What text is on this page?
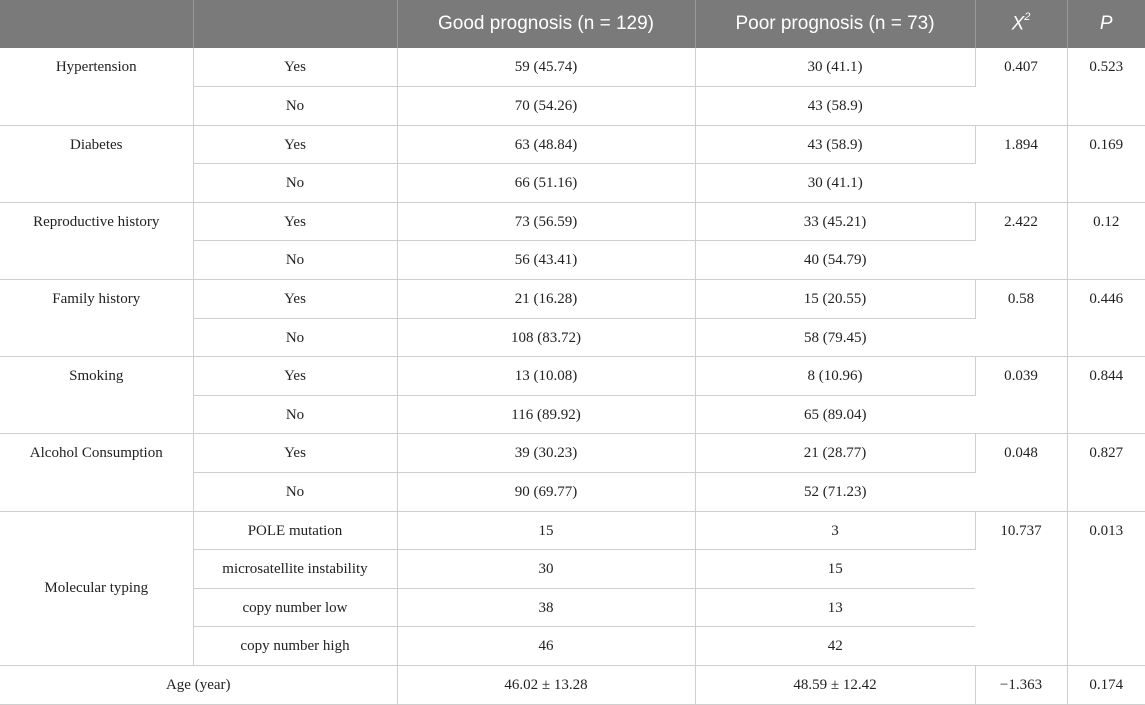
		Good prognosis (n = 129)	Poor prognosis (n = 73)	$X^2$	P
Hypertension	Yes	59 (45.74)	30 (41.1)	0.407	0.523
	No	70 (54.26)	43 (58.9)		
Diabetes	Yes	63 (48.84)	43 (58.9)	1.894	0.169
	No	66 (51.16)	30 (41.1)		
Reproductive history	Yes	73 (56.59)	33 (45.21)	2.422	0.12
	No	56 (43.41)	40 (54.79)		
Family history	Yes	21 (16.28)	15 (20.55)	0.58	0.446
	No	108 (83.72)	58 (79.45)		
Smoking	Yes	13 (10.08)	8 (10.96)	0.039	0.844
	No	116 (89.92)	65 (89.04)		
Alcohol Consumption	Yes	39 (30.23)	21 (28.77)	0.048	0.827
	No	90 (69.77)	52 (71.23)		
Molecular typing	POLE mutation	15	3	10.737	0.013
	microsatellite instability	30	15		
	copy number low	38	13		
	copy number high	46	42		
Age (year)		46.02 ± 13.28	48.59 ± 12.42	−1.363	0.174
